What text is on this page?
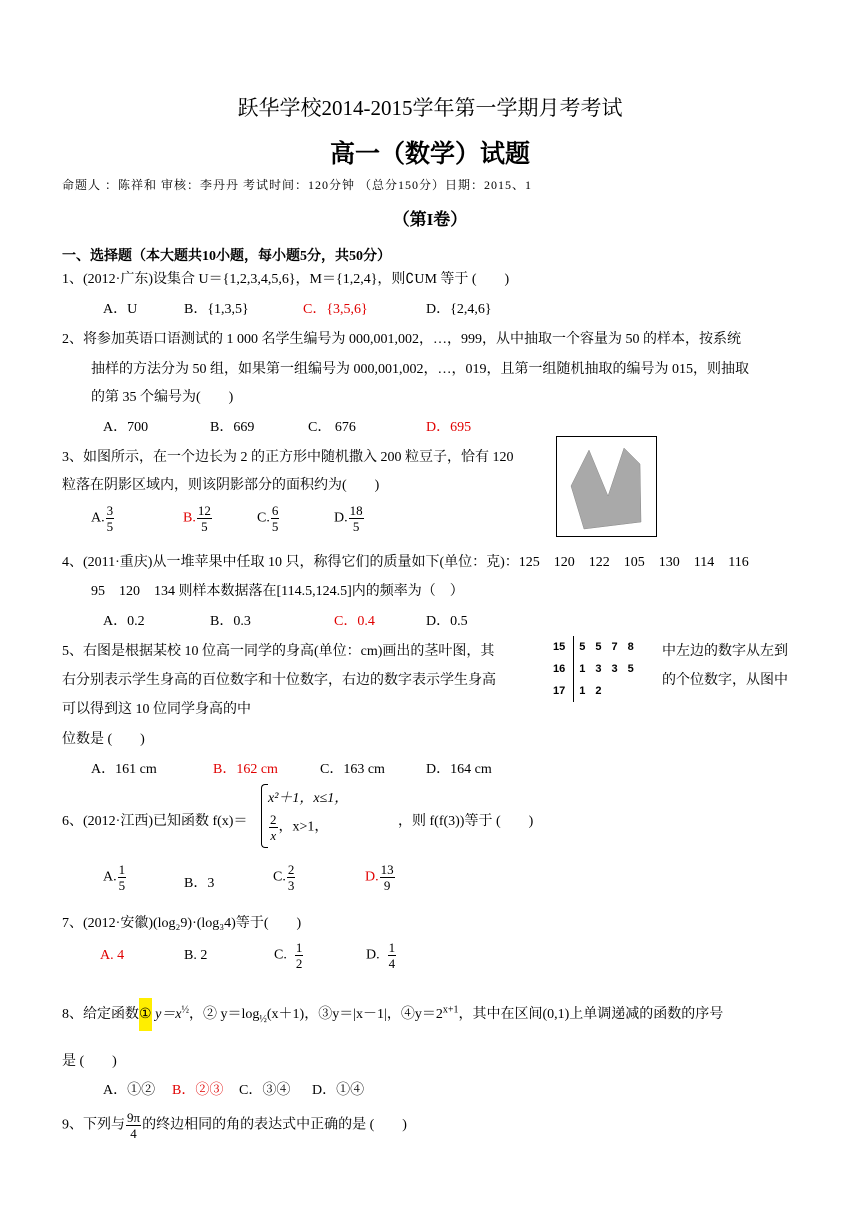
跃华学校2014-2015学年第一学期月考考试
高一（数学）试题
命题人 ：陈祥和 审核：李丹丹 考试时间：120分钟 （总分150分）日期：2015、1
（第I卷）
一、选择题（本大题共10小题，每小题5分，共50分）
1、(2012·广东)设集合 U＝{1,2,3,4,5,6}，M＝{1,2,4}，则∁UM 等于 (　　)
A．U	B．{1,3,5}	C．{3,5,6}	D．{2,4,6}
2、将参加英语口语测试的 1 000 名学生编号为 000,001,002，…，999，从中抽取一个容量为 50 的样本，按系统
抽样的方法分为 50 组，如果第一组编号为 000,001,002，…，019，且第一组随机抽取的编号为 015，则抽取
的第 35 个编号为(　　)
A．700	B．669	C． 676	D．695
3、如图所示，在一个边长为 2 的正方形中随机撒入 200 粒豆子，恰有 120
粒落在阴影区域内，则该阴影部分的面积约为(　　)
A. $\frac{3}{5}$	B. $\frac{12}{5}$	C. $\frac{6}{5}$	D. $\frac{18}{5}$
4、(2011·重庆)从一堆苹果中任取 10 只，称得它们的质量如下(单位：克)：125　120　122　105　130　114　116
95　120　134 则样本数据落在[114.5,124.5]内的频率为（　）
A．0.2	B．0.3	C．0.4	D．0.5
5、右图是根据某校 10 位高一同学的身高(单位：cm)画出的茎叶图，其	中左边的数字从左到
右分别表示学生身高的百位数字和十位数字，右边的数字表示学生身高	的个位数字，从图中
可以得到这 10 位同学身高的中
位数是 (　　)
15	5	5	7	8
16	1	3	3	5
17	1	2		
A．161 cm	B．162 cm	C．163 cm	D．164 cm
6、(2012·江西)已知函数 f(x)＝
x²＋1，x≤1，
$\frac{2}{x}$ ，x>1，	，则 f(f(3))等于 (　　)
A. $\frac{1}{5}$	B．3	C. $\frac{2}{3}$	D. $\frac{13}{9}$
7、(2012·安徽)(log₂9)·(log₃4)等于(　　)
A. 4	B. 2	C. $\frac{1}{2}$	D. $\frac{1}{4}$
8、给定函数① $y=x^{\frac{1}{2}}$，② $y=\log_{\frac{1}{2}}(x+1)$，③y＝|x－1|，$④y=2^{x+1}$，其中在区间(0,1)上单调递减的函数的序号
是 (　　)
A．①② B．②③ C．③④ D．①④
9、下列与 $\frac{9\pi}{4}$ 的终边相同的角的表达式中正确的是 (　　)
